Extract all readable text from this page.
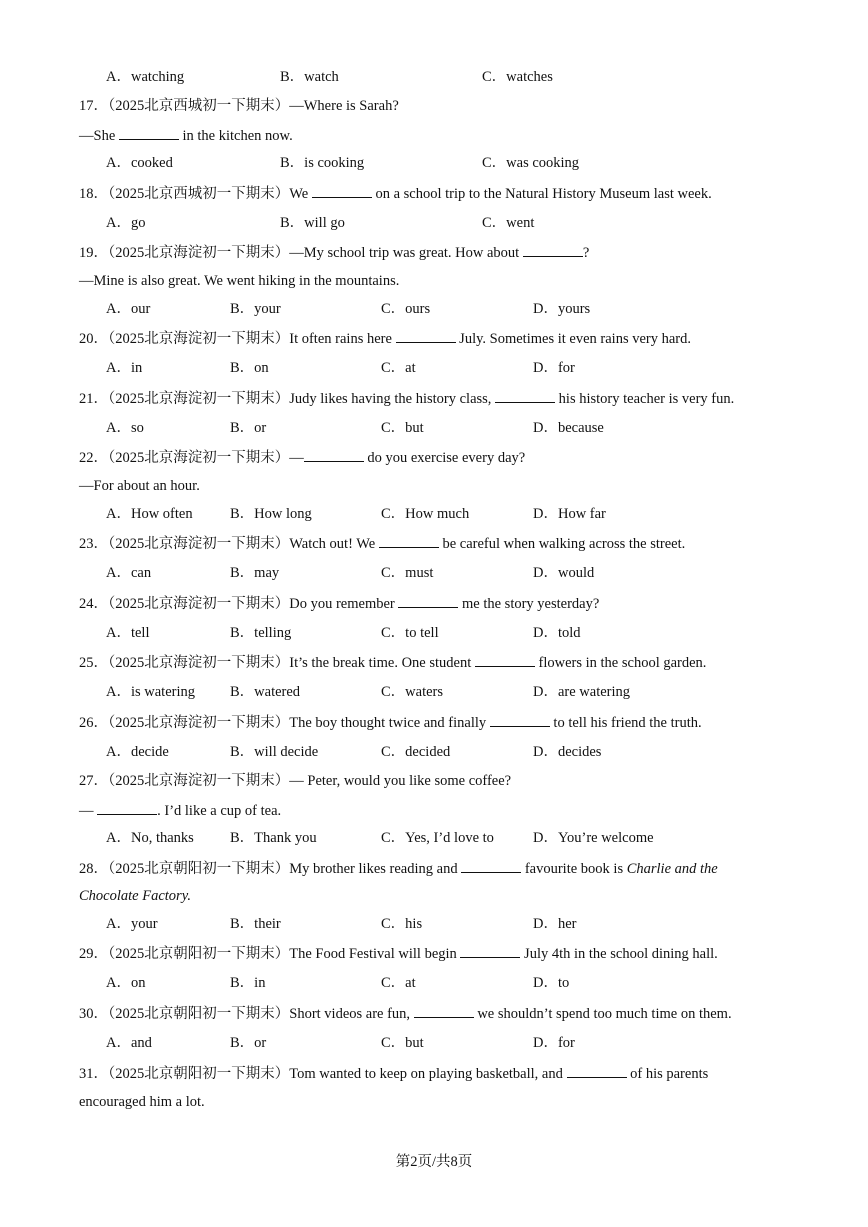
A．watching	B．watch	C．watches
17．（2025北京西城初一下期末）—Where is Sarah?
—She	in the kitchen now.
A．cooked	B．is cooking	C．was cooking
18．（2025北京西城初一下期末）We	on a school trip to the Natural History Museum last week.
A．go	B．will go	C．went
19．（2025北京海淀初一下期末）—My school trip was great. How about	?
—Mine is also great. We went hiking in the mountains.
A．our	B．your	C．ours	D．yours
20．（2025北京海淀初一下期末）It often rains here	July. Sometimes it even rains very hard.
A．in	B．on	C．at	D．for
21．（2025北京海淀初一下期末）Judy likes having the history class,	his history teacher is very fun.
A．so	B．or	C．but	D．because
22．（2025北京海淀初一下期末）—	do you exercise every day?
—For about an hour.
A．How often	B．How long	C．How much	D．How far
23．（2025北京海淀初一下期末）Watch out! We	be careful when walking across the street.
A．can	B．may	C．must	D．would
24．（2025北京海淀初一下期末）Do you remember	me the story yesterday?
A．tell	B．telling	C．to tell	D．told
25．（2025北京海淀初一下期末）It’s the break time. One student	flowers in the school garden.
A．is watering B．watered	C．waters	D．are watering
26．（2025北京海淀初一下期末）The boy thought twice and finally	to tell his friend the truth.
A．decide	B．will decide	C．decided	D．decides
27．（2025北京海淀初一下期末）— Peter, would you like some coffee?
—	. I’d like a cup of tea.
A．No, thanks B．Thank you	C．Yes, I’d love to	D．You’re welcome
28．（2025北京朝阳初一下期末）My brother likes reading and	favourite book is Charlie and the
Chocolate Factory.
A．your	B．their	C．his	D．her
29．（2025北京朝阳初一下期末）The Food Festival will begin	July 4th in the school dining hall.
A．on	B．in	C．at	D．to
30．（2025北京朝阳初一下期末）Short videos are fun,	we shouldn’t spend too much time on them.
A．and	B．or	C．but	D．for
31．（2025北京朝阳初一下期末）Tom wanted to keep on playing basketball, and	of his parents
encouraged him a lot.
第2页/共8页
